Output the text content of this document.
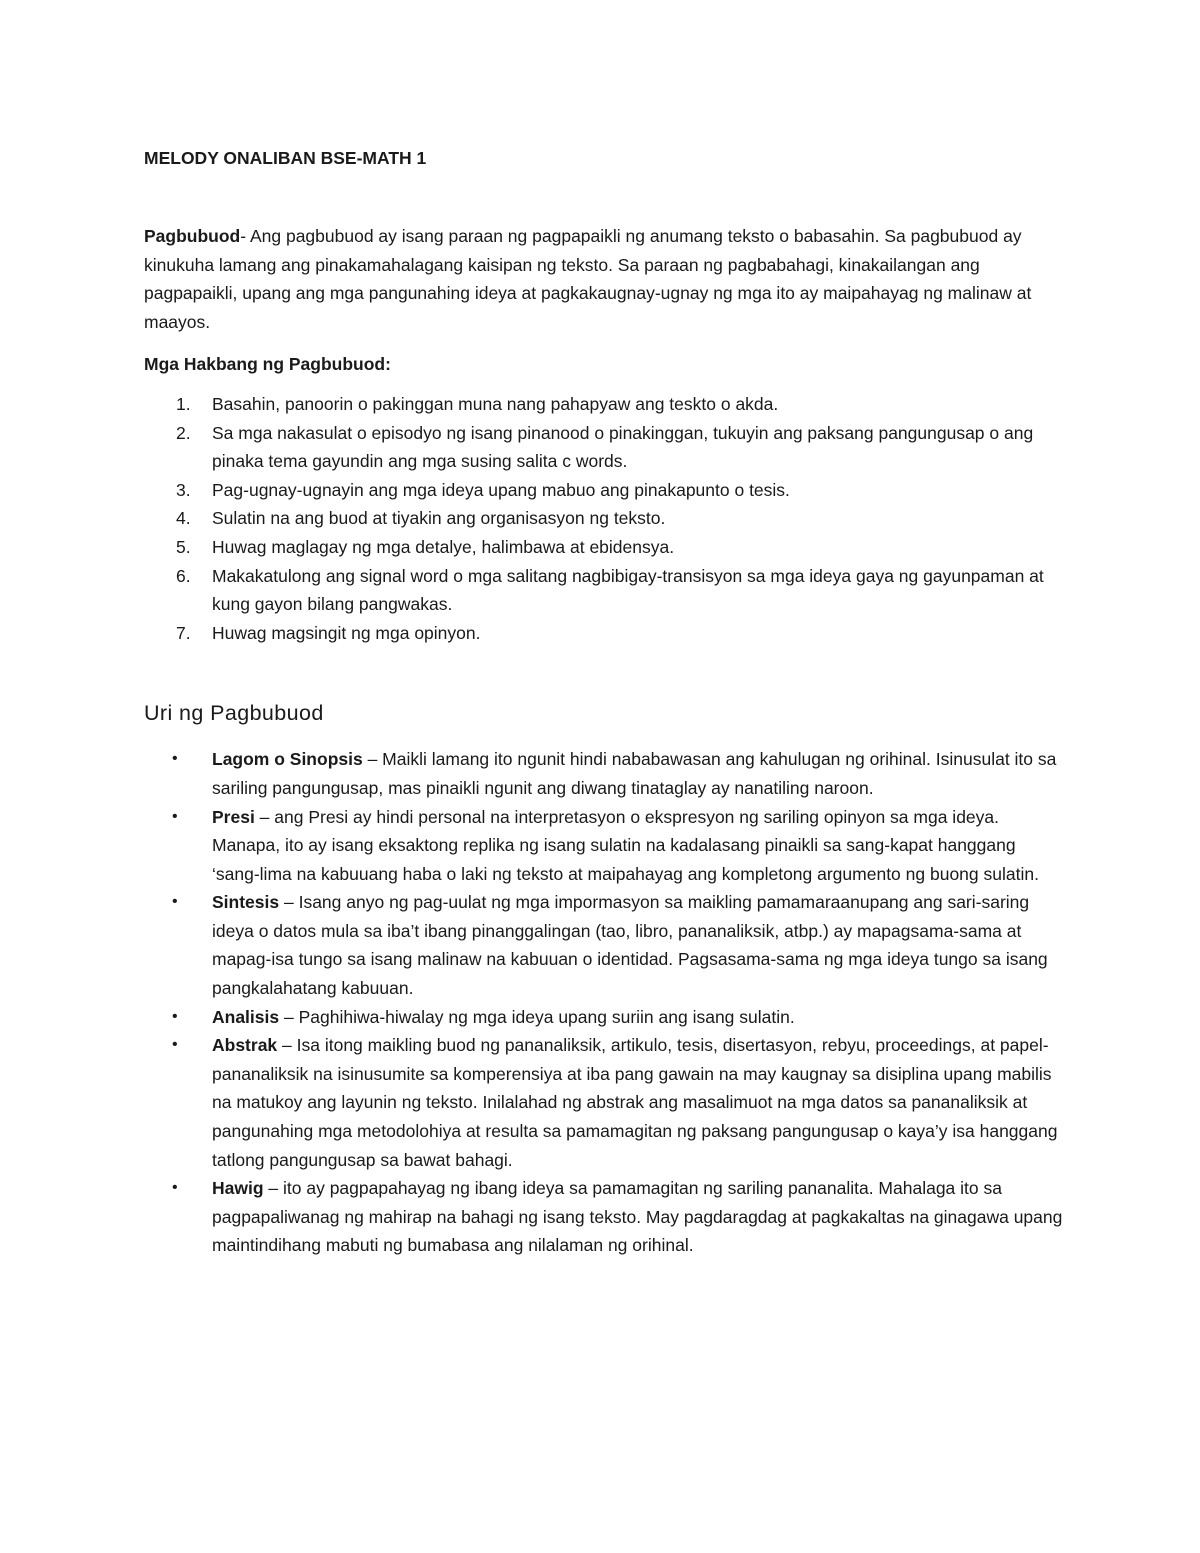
MELODY ONALIBAN BSE-MATH 1

Pagbubuod- Ang pagbubuod ay isang paraan ng pagpapaikli ng anumang teksto o babasahin. Sa pagbubuod ay kinukuha lamang ang pinakamahalagang kaisipan ng teksto. Sa paraan ng pagbabahagi, kinakailangan ang pagpapaikli, upang ang mga pangunahing ideya at pagkakaugnay-ugnay ng mga ito ay maipahayag ng malinaw at maayos.

Mga Hakbang ng Pagbubuod:

1. Basahin, panoorin o pakinggan muna nang pahapyaw ang teskto o akda.
2. Sa mga nakasulat o episodyo ng isang pinanood o pinakinggan, tukuyin ang paksang pangungusap o ang pinaka tema gayundin ang mga susing salita c words.
3. Pag-ugnay-ugnayin ang mga ideya upang mabuo ang pinakapunto o tesis.
4. Sulatin na ang buod at tiyakin ang organisasyon ng teksto.
5. Huwag maglagay ng mga detalye, halimbawa at ebidensya.
6. Makakatulong ang signal word o mga salitang nagbibigay-transisyon sa mga ideya gaya ng gayunpaman at kung gayon bilang pangwakas.
7. Huwag magsingit ng mga opinyon.
Uri ng Pagbubuod
• Lagom o Sinopsis – Maikli lamang ito ngunit hindi nababawasan ang kahulugan ng orihinal. Isinusulat ito sa sariling pangungusap, mas pinaikli ngunit ang diwang tinataglay ay nanatiling naroon.
• Presi – ang Presi ay hindi personal na interpretasyon o ekspresyon ng sariling opinyon sa mga ideya. Manapa, ito ay isang eksaktong replika ng isang sulatin na kadalasang pinaikli sa sang-kapat hanggang ‘sang-lima na kabuuang haba o laki ng teksto at maipahayag ang kompletong argumento ng buong sulatin.
• Sintesis – Isang anyo ng pag-uulat ng mga impormasyon sa maikling pamamaraanupang ang sari-saring ideya o datos mula sa iba’t ibang pinanggalingan (tao, libro, pananaliksik, atbp.) ay mapagsama-sama at mapag-isa tungo sa isang malinaw na kabuuan o identidad. Pagsasama-sama ng mga ideya tungo sa isang pangkalahatang kabuuan.
• Analisis – Paghihiwa-hiwalay ng mga ideya upang suriin ang isang sulatin.
• Abstrak – Isa itong maikling buod ng pananaliksik, artikulo, tesis, disertasyon, rebyu, proceedings, at papel-pananaliksik na isinusumite sa komperensiya at iba pang gawain na may kaugnay sa disiplina upang mabilis na matukoy ang layunin ng teksto. Inilalahad ng abstrak ang masalimuot na mga datos sa pananaliksik at pangunahing mga metodolohiya at resulta sa pamamagitan ng paksang pangungusap o kaya’y isa hanggang tatlong pangungusap sa bawat bahagi.
• Hawig – ito ay pagpapahayag ng ibang ideya sa pamamagitan ng sariling pananalita. Mahalaga ito sa pagpapaliwanag ng mahirap na bahagi ng isang teksto. May pagdaragdag at pagkakaltas na ginagawa upang maintindihang mabuti ng bumabasa ang nilalaman ng orihinal.
